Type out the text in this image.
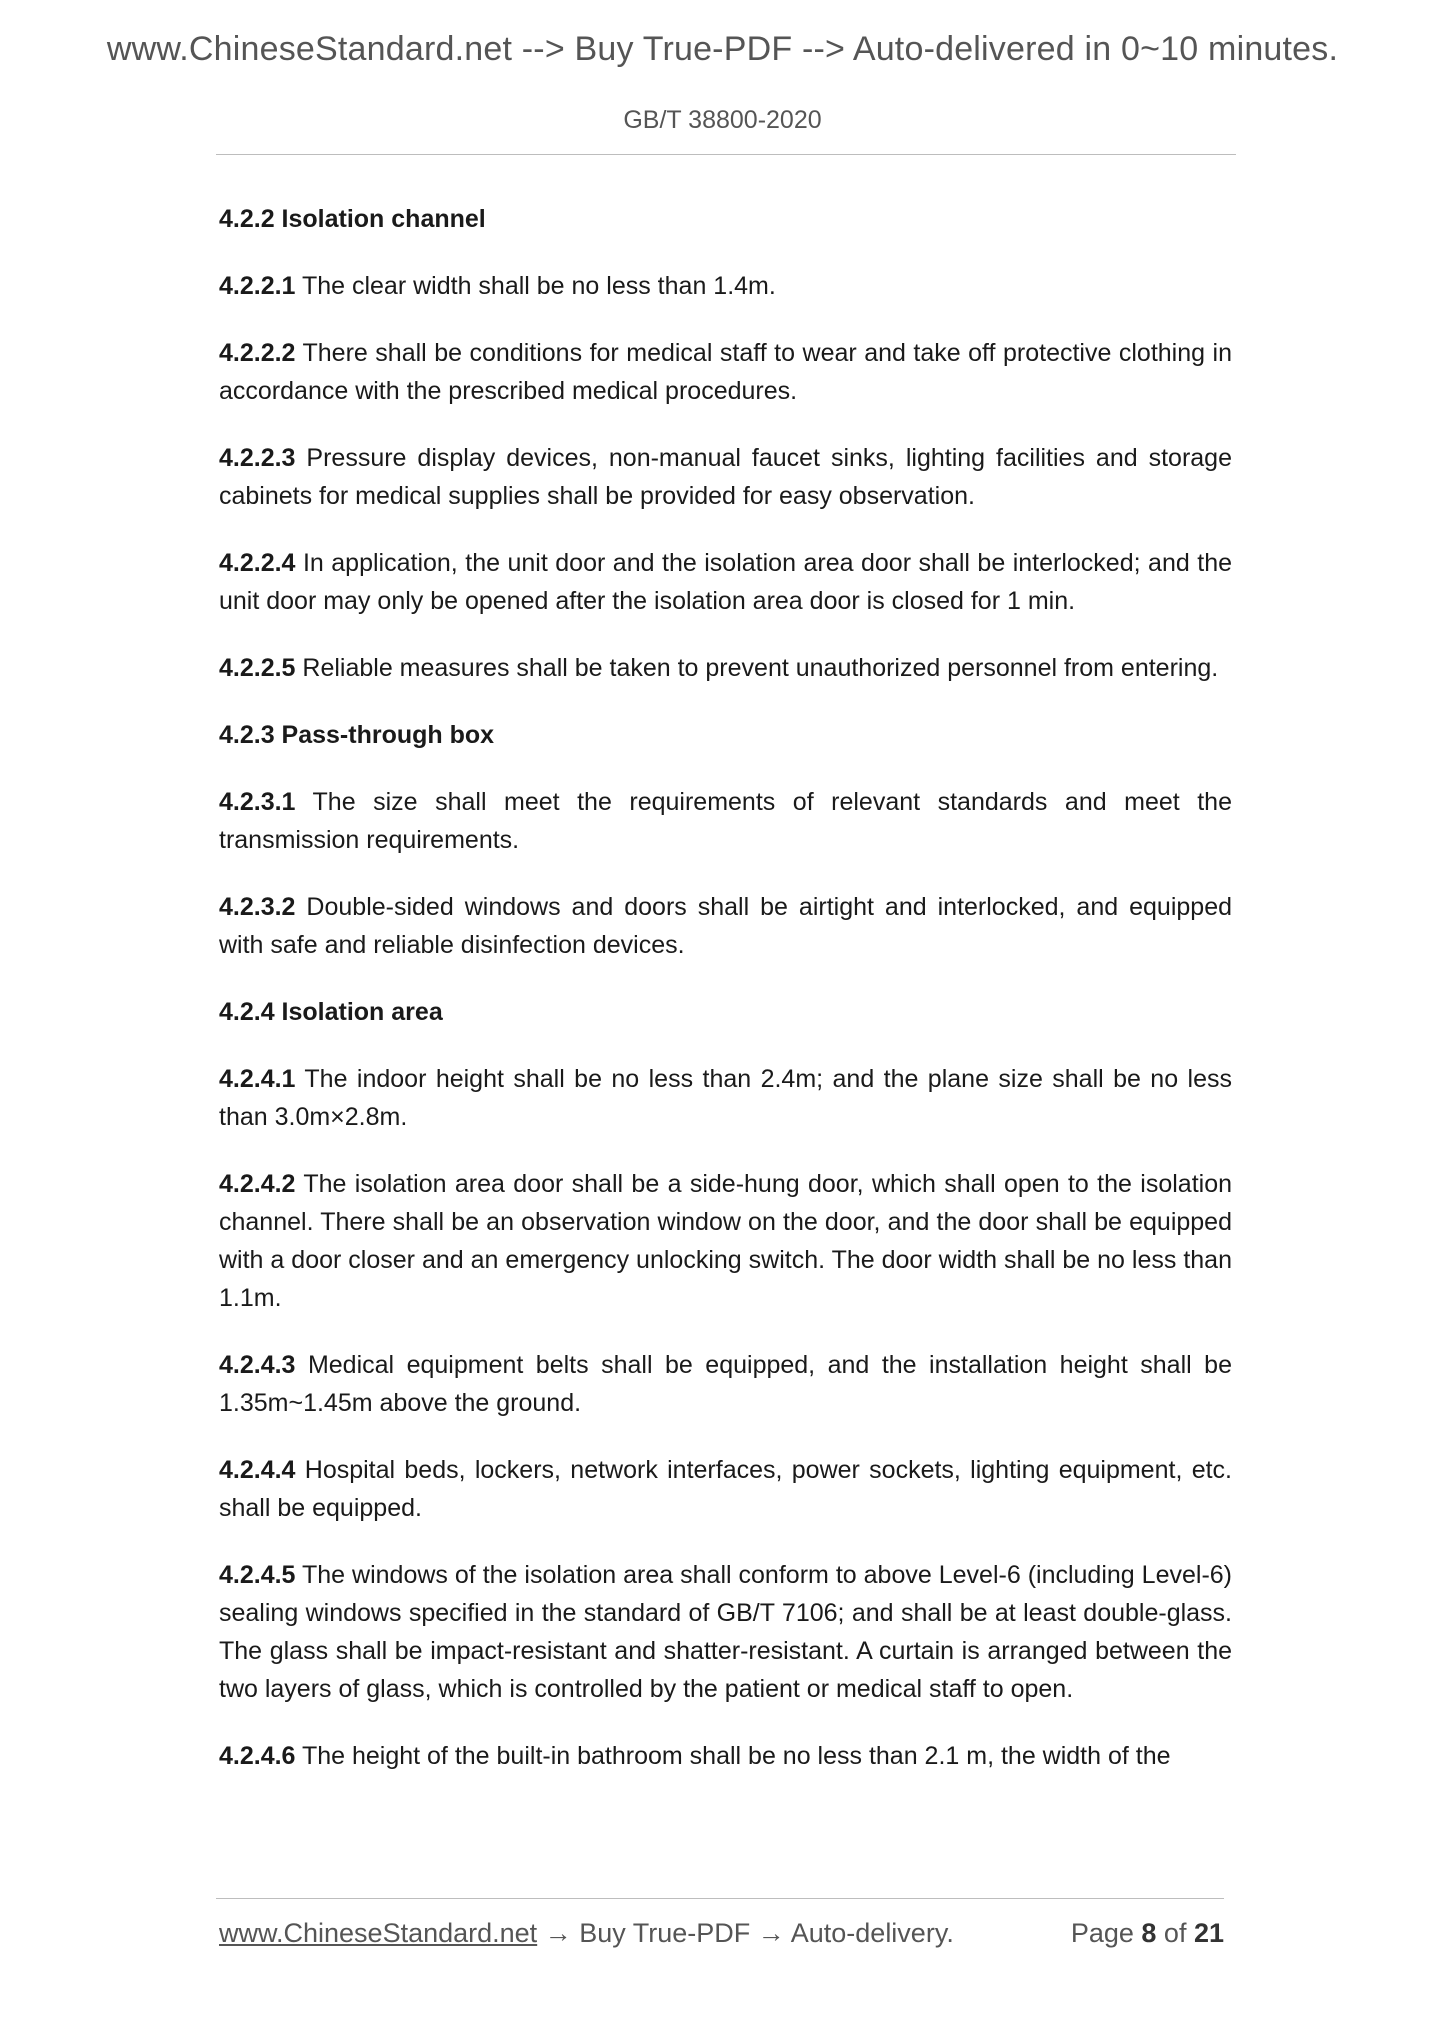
www.ChineseStandard.net --> Buy True-PDF --> Auto-delivered in 0~10 minutes.
GB/T 38800-2020
4.2.2 Isolation channel

4.2.2.1 The clear width shall be no less than 1.4m.

4.2.2.2 There shall be conditions for medical staff to wear and take off protective clothing in accordance with the prescribed medical procedures.

4.2.2.3 Pressure display devices, non-manual faucet sinks, lighting facilities and storage cabinets for medical supplies shall be provided for easy observation.

4.2.2.4 In application, the unit door and the isolation area door shall be interlocked; and the unit door may only be opened after the isolation area door is closed for 1 min.

4.2.2.5 Reliable measures shall be taken to prevent unauthorized personnel from entering.

4.2.3 Pass-through box

4.2.3.1 The size shall meet the requirements of relevant standards and meet the transmission requirements.

4.2.3.2 Double-sided windows and doors shall be airtight and interlocked, and equipped with safe and reliable disinfection devices.

4.2.4 Isolation area

4.2.4.1 The indoor height shall be no less than 2.4m; and the plane size shall be no less than 3.0m×2.8m.

4.2.4.2 The isolation area door shall be a side-hung door, which shall open to the isolation channel. There shall be an observation window on the door, and the door shall be equipped with a door closer and an emergency unlocking switch. The door width shall be no less than 1.1m.

4.2.4.3 Medical equipment belts shall be equipped, and the installation height shall be 1.35m~1.45m above the ground.

4.2.4.4 Hospital beds, lockers, network interfaces, power sockets, lighting equipment, etc. shall be equipped.

4.2.4.5 The windows of the isolation area shall conform to above Level-6 (including Level-6) sealing windows specified in the standard of GB/T 7106; and shall be at least double-glass. The glass shall be impact-resistant and shatter-resistant. A curtain is arranged between the two layers of glass, which is controlled by the patient or medical staff to open.

4.2.4.6 The height of the built-in bathroom shall be no less than 2.1 m, the width of the

www.ChineseStandard.net → Buy True-PDF → Auto-delivery.	Page 8 of 21
